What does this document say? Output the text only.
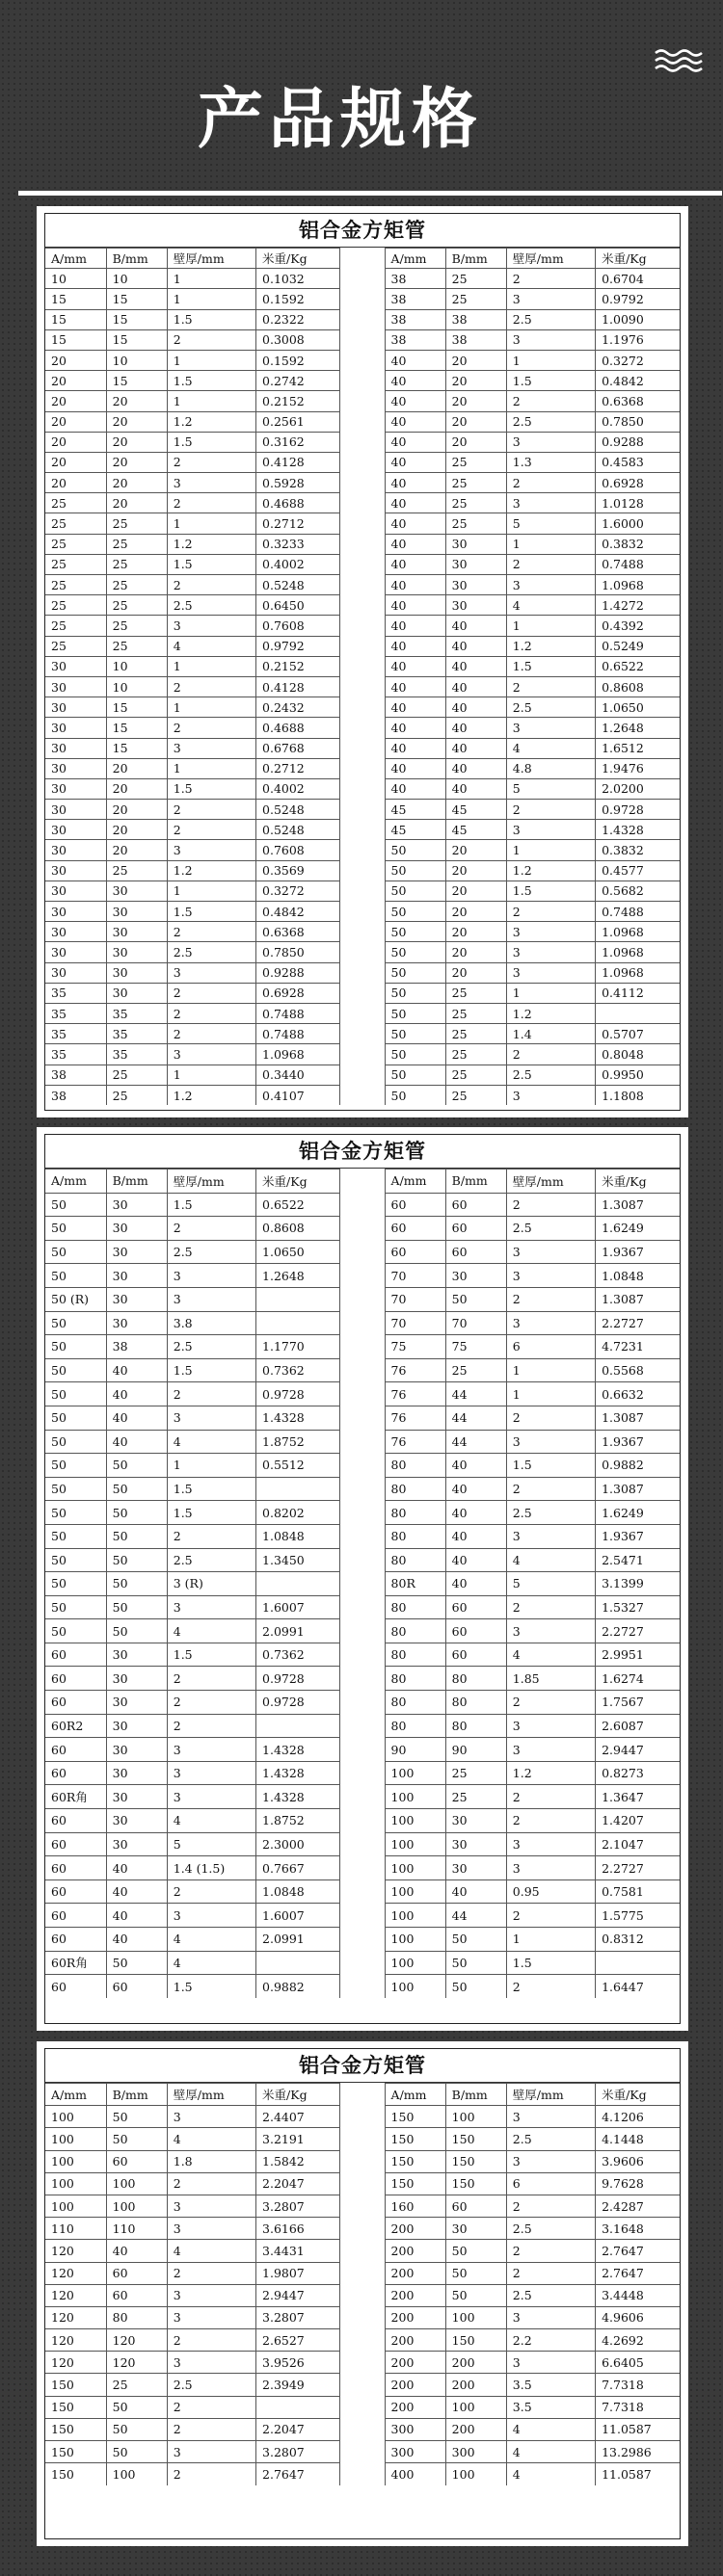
产品规格
铝合金方矩管
A/mm	B/mm	壁厚/mm	米重/Kg		A/mm	B/mm	壁厚/mm	米重/Kg
10	10	1	0.1032		38	25	2	0.6704
15	15	1	0.1592		38	25	3	0.9792
15	15	1.5	0.2322		38	38	2.5	1.0090
15	15	2	0.3008		38	38	3	1.1976
20	10	1	0.1592		40	20	1	0.3272
20	15	1.5	0.2742		40	20	1.5	0.4842
20	20	1	0.2152		40	20	2	0.6368
20	20	1.2	0.2561		40	20	2.5	0.7850
20	20	1.5	0.3162		40	20	3	0.9288
20	20	2	0.4128		40	25	1.3	0.4583
20	20	3	0.5928		40	25	2	0.6928
25	20	2	0.4688		40	25	3	1.0128
25	25	1	0.2712		40	25	5	1.6000
25	25	1.2	0.3233		40	30	1	0.3832
25	25	1.5	0.4002		40	30	2	0.7488
25	25	2	0.5248		40	30	3	1.0968
25	25	2.5	0.6450		40	30	4	1.4272
25	25	3	0.7608		40	40	1	0.4392
25	25	4	0.9792		40	40	1.2	0.5249
30	10	1	0.2152		40	40	1.5	0.6522
30	10	2	0.4128		40	40	2	0.8608
30	15	1	0.2432		40	40	2.5	1.0650
30	15	2	0.4688		40	40	3	1.2648
30	15	3	0.6768		40	40	4	1.6512
30	20	1	0.2712		40	40	4.8	1.9476
30	20	1.5	0.4002		40	40	5	2.0200
30	20	2	0.5248		45	45	2	0.9728
30	20	2	0.5248		45	45	3	1.4328
30	20	3	0.7608		50	20	1	0.3832
30	25	1.2	0.3569		50	20	1.2	0.4577
30	30	1	0.3272		50	20	1.5	0.5682
30	30	1.5	0.4842		50	20	2	0.7488
30	30	2	0.6368		50	20	3	1.0968
30	30	2.5	0.7850		50	20	3	1.0968
30	30	3	0.9288		50	20	3	1.0968
35	30	2	0.6928		50	25	1	0.4112
35	35	2	0.7488		50	25	1.2	
35	35	2	0.7488		50	25	1.4	0.5707
35	35	3	1.0968		50	25	2	0.8048
38	25	1	0.3440		50	25	2.5	0.9950
38	25	1.2	0.4107		50	25	3	1.1808
铝合金方矩管
A/mm	B/mm	壁厚/mm	米重/Kg		A/mm	B/mm	壁厚/mm	米重/Kg
50	30	1.5	0.6522		60	60	2	1.3087
50	30	2	0.8608		60	60	2.5	1.6249
50	30	2.5	1.0650		60	60	3	1.9367
50	30	3	1.2648		70	30	3	1.0848
50 (R)	30	3			70	50	2	1.3087
50	30	3.8			70	70	3	2.2727
50	38	2.5	1.1770		75	75	6	4.7231
50	40	1.5	0.7362		76	25	1	0.5568
50	40	2	0.9728		76	44	1	0.6632
50	40	3	1.4328		76	44	2	1.3087
50	40	4	1.8752		76	44	3	1.9367
50	50	1	0.5512		80	40	1.5	0.9882
50	50	1.5			80	40	2	1.3087
50	50	1.5	0.8202		80	40	2.5	1.6249
50	50	2	1.0848		80	40	3	1.9367
50	50	2.5	1.3450		80	40	4	2.5471
50	50	3 (R)			80R	40	5	3.1399
50	50	3	1.6007		80	60	2	1.5327
50	50	4	2.0991		80	60	3	2.2727
60	30	1.5	0.7362		80	60	4	2.9951
60	30	2	0.9728		80	80	1.85	1.6274
60	30	2	0.9728		80	80	2	1.7567
60R2	30	2			80	80	3	2.6087
60	30	3	1.4328		90	90	3	2.9447
60	30	3	1.4328		100	25	1.2	0.8273
60R角	30	3	1.4328		100	25	2	1.3647
60	30	4	1.8752		100	30	2	1.4207
60	30	5	2.3000		100	30	3	2.1047
60	40	1.4 (1.5)	0.7667		100	30	3	2.2727
60	40	2	1.0848		100	40	0.95	0.7581
60	40	3	1.6007		100	44	2	1.5775
60	40	4	2.0991		100	50	1	0.8312
60R角	50	4			100	50	1.5	
60	60	1.5	0.9882		100	50	2	1.6447
铝合金方矩管
A/mm	B/mm	壁厚/mm	米重/Kg		A/mm	B/mm	壁厚/mm	米重/Kg
100	50	3	2.4407		150	100	3	4.1206
100	50	4	3.2191		150	150	2.5	4.1448
100	60	1.8	1.5842		150	150	3	3.9606
100	100	2	2.2047		150	150	6	9.7628
100	100	3	3.2807		160	60	2	2.4287
110	110	3	3.6166		200	30	2.5	3.1648
120	40	4	3.4431		200	50	2	2.7647
120	60	2	1.9807		200	50	2	2.7647
120	60	3	2.9447		200	50	2.5	3.4448
120	80	3	3.2807		200	100	3	4.9606
120	120	2	2.6527		200	150	2.2	4.2692
120	120	3	3.9526		200	200	3	6.6405
150	25	2.5	2.3949		200	200	3.5	7.7318
150	50	2			200	100	3.5	7.7318
150	50	2	2.2047		300	200	4	11.0587
150	50	3	3.2807		300	300	4	13.2986
150	100	2	2.7647		400	100	4	11.0587
